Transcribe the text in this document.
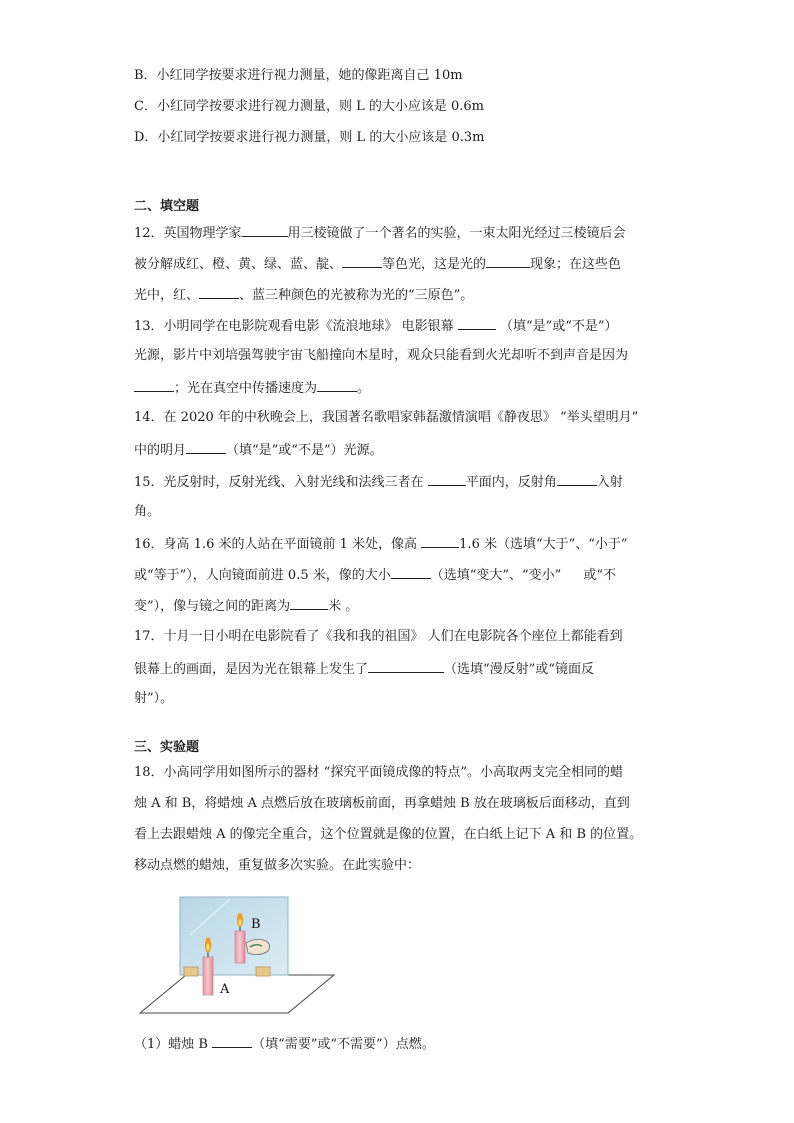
B．小红同学按要求进行视力测量，她的像距离自己 10m
C．小红同学按要求进行视力测量，则 L 的大小应该是 0.6m
D．小红同学按要求进行视力测量，则 L 的大小应该是 0.3m
二、填空题
12．英国物理学家	用三棱镜做了一个著名的实验，一束太阳光经过三棱镜后会
被分解成红、橙、黄、绿、蓝、靛、	等色光，这是光的	现象；在这些色
光中，红、	、蓝三种颜色的光被称为光的“三原色”。
13．小明同学在电影院观看电影《流浪地球》 电影银幕	（填“是”或“不是”）
光源，影片中刘培强驾驶宇宙飞船撞向木星时，观众只能看到火光却听不到声音是因为
；光在真空中传播速度为	。
14．在 2020 年的中秋晚会上，我国著名歌唱家韩磊激情演唱《静夜思》 “举头望明月”
中的明月	（填“是”或“不是”）光源。
15．光反射时，反射光线、入射光线和法线三者在	平面内，反射角	入射
角。
16．身高 1.6 米的人站在平面镜前 1 米处，像高	1.6 米（选填“大于”、“小于”
或“等于”），人向镜面前进 0.5 米，像的大小	（选填“变大”、“变小” 或“不
变”），像与镜之间的距离为	米 。
17．十月一日小明在电影院看了《我和我的祖国》 人们在电影院各个座位上都能看到
银幕上的画面，是因为光在银幕上发生了	（选填“漫反射”或“镜面反
射”）。
三、实验题
18．小高同学用如图所示的器材 “探究平面镜成像的特点”。小高取两支完全相同的蜡
烛 A 和 B，将蜡烛 A 点燃后放在玻璃板前面，再拿蜡烛 B 放在玻璃板后面移动，直到
看上去跟蜡烛 A 的像完全重合，这个位置就是像的位置，在白纸上记下 A 和 B 的位置。
移动点燃的蜡烛，重复做多次实验。在此实验中：
B
A
（1）蜡烛 B	（填“需要”或“不需要”）点燃。
